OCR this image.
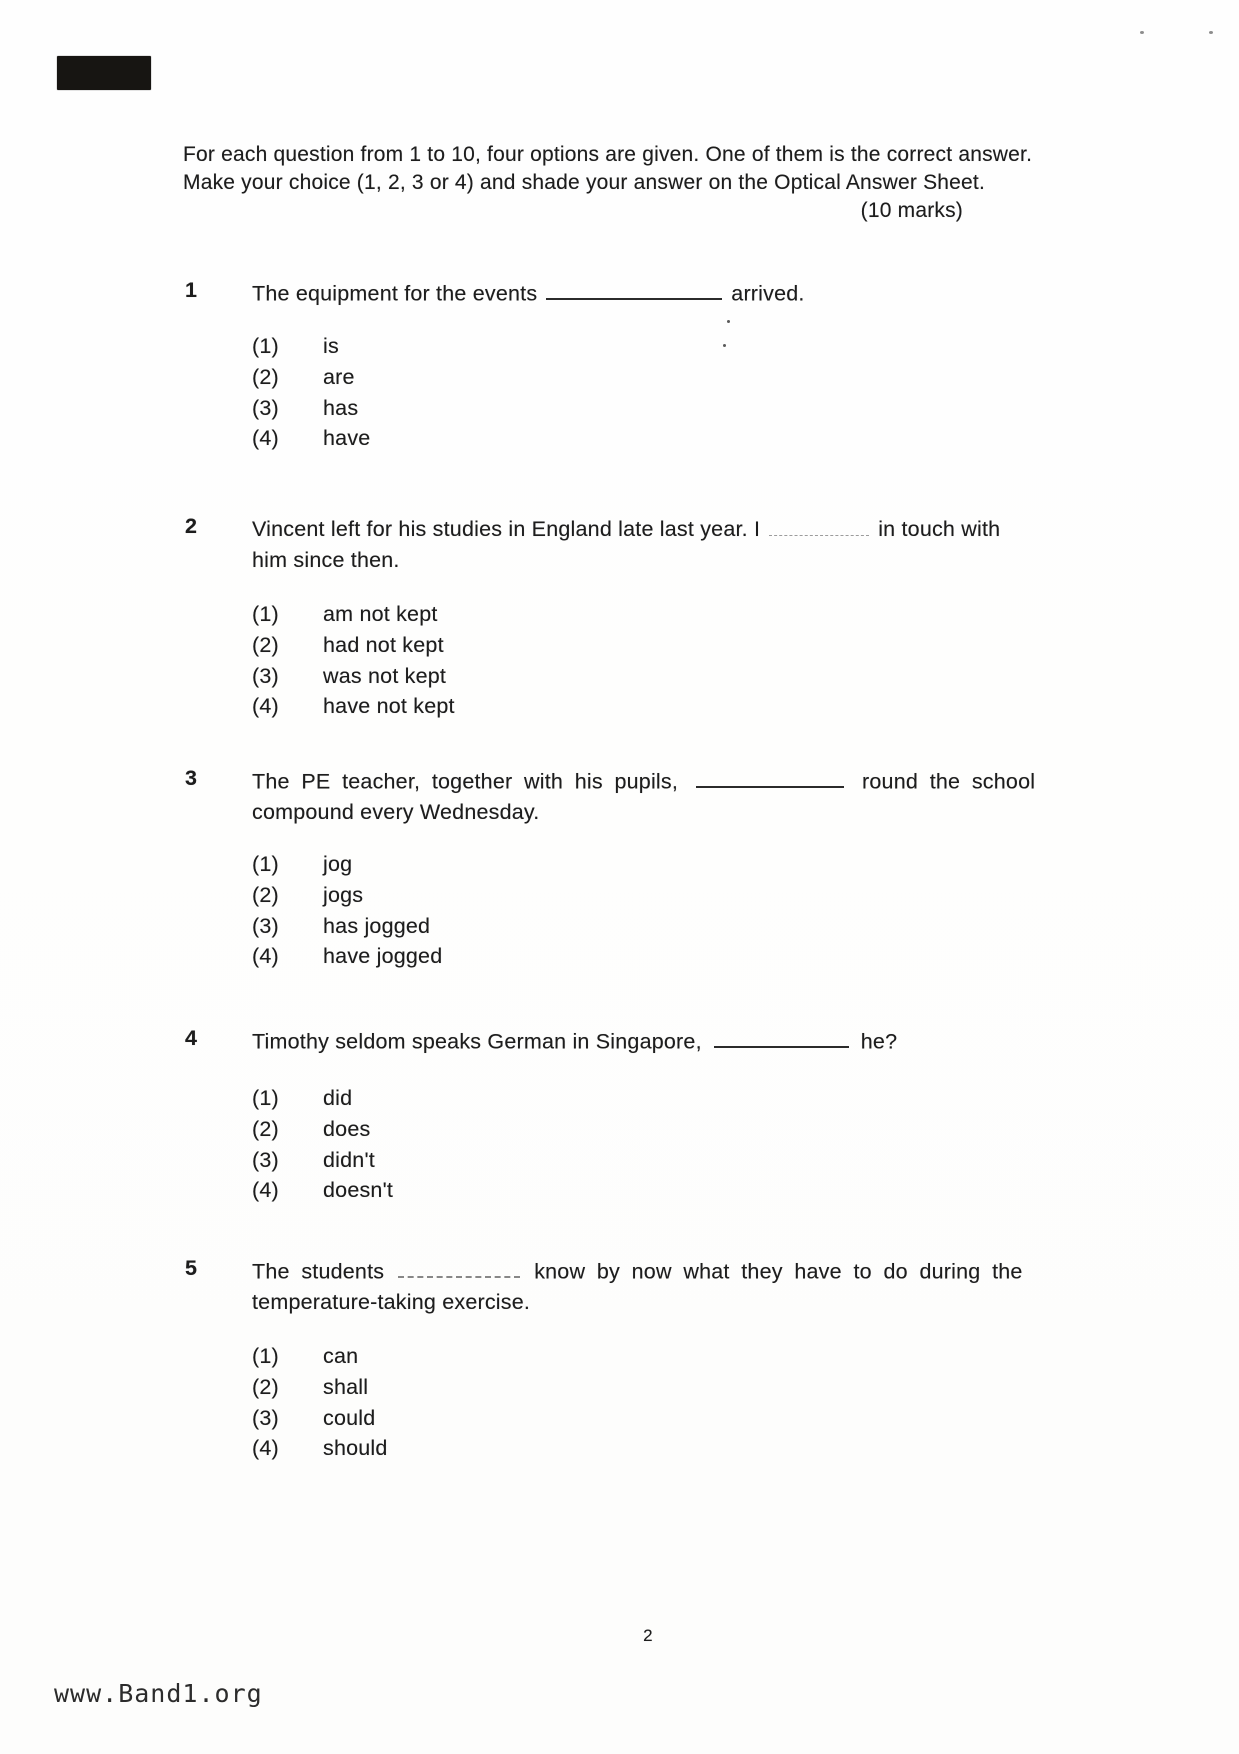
For each question from 1 to 10, four options are given. One of them is the correct answer.
Make your choice (1, 2, 3 or 4) and shade your answer on the Optical Answer Sheet.
(10 marks)
1	The equipment for the events	arrived.
(1)	is
(2)	are
(3)	has
(4)	have
2	Vincent left for his studies in England late last year. I	in touch with
him since then.
(1)	am not kept
(2)	had not kept
(3)	was not kept
(4)	have not kept
3	The PE teacher, together with his pupils,	round the school
compound every Wednesday.
(1)	jog
(2)	jogs
(3)	has jogged
(4)	have jogged
4	Timothy seldom speaks German in Singapore,	he?
(1)	did
(2)	does
(3)	didn't
(4)	doesn't
5	The students	know by now what they have to do during the
temperature-taking exercise.
(1)	can
(2)	shall
(3)	could
(4)	should
2
www.Band1.org
